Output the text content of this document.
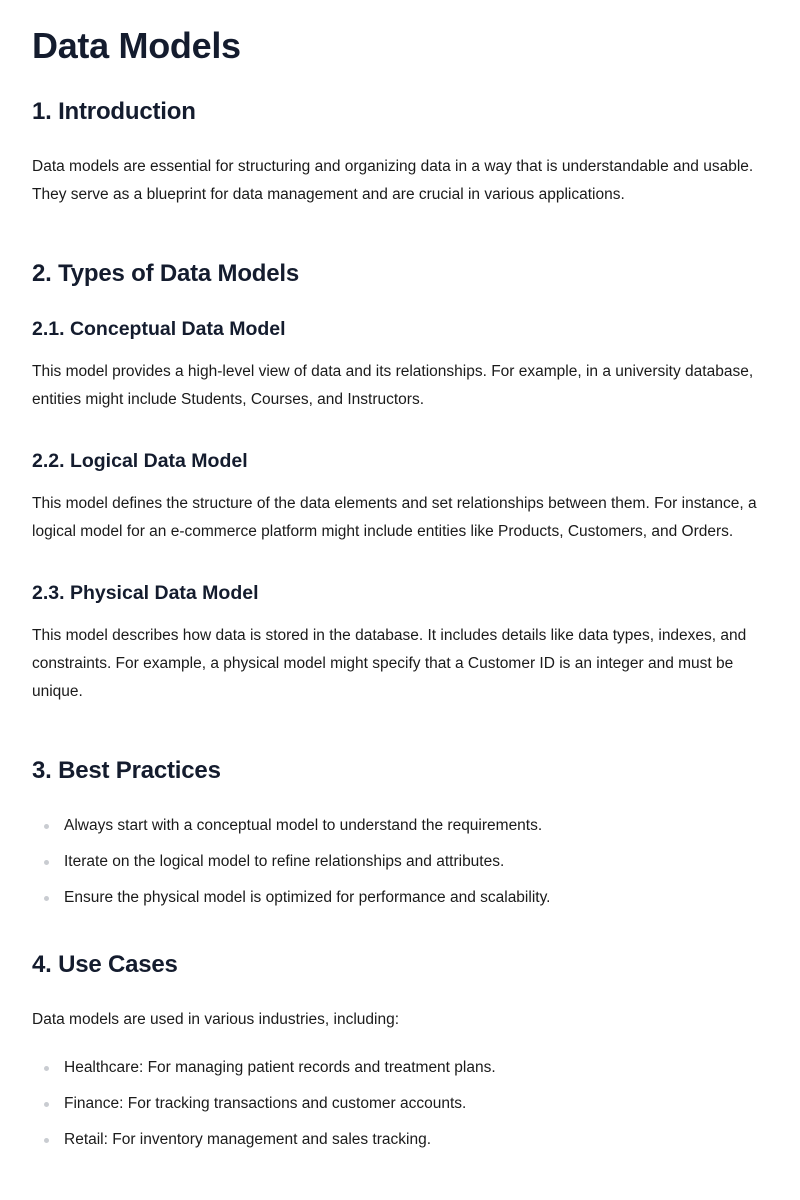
Data Models
1. Introduction

Data models are essential for structuring and organizing data in a way that is understandable and usable. They serve as a blueprint for data management and are crucial in various applications.

2. Types of Data Models
2.1. Conceptual Data Model

This model provides a high-level view of data and its relationships. For example, in a university database, entities might include Students, Courses, and Instructors.

2.2. Logical Data Model

This model defines the structure of the data elements and set relationships between them. For instance, a logical model for an e-commerce platform might include entities like Products, Customers, and Orders.

2.3. Physical Data Model

This model describes how data is stored in the database. It includes details like data types, indexes, and constraints. For example, a physical model might specify that a Customer ID is an integer and must be unique.

3. Best Practices
Always start with a conceptual model to understand the requirements.
Iterate on the logical model to refine relationships and attributes.
Ensure the physical model is optimized for performance and scalability.
4. Use Cases

Data models are used in various industries, including:

Healthcare: For managing patient records and treatment plans.
Finance: For tracking transactions and customer accounts.
Retail: For inventory management and sales tracking.
